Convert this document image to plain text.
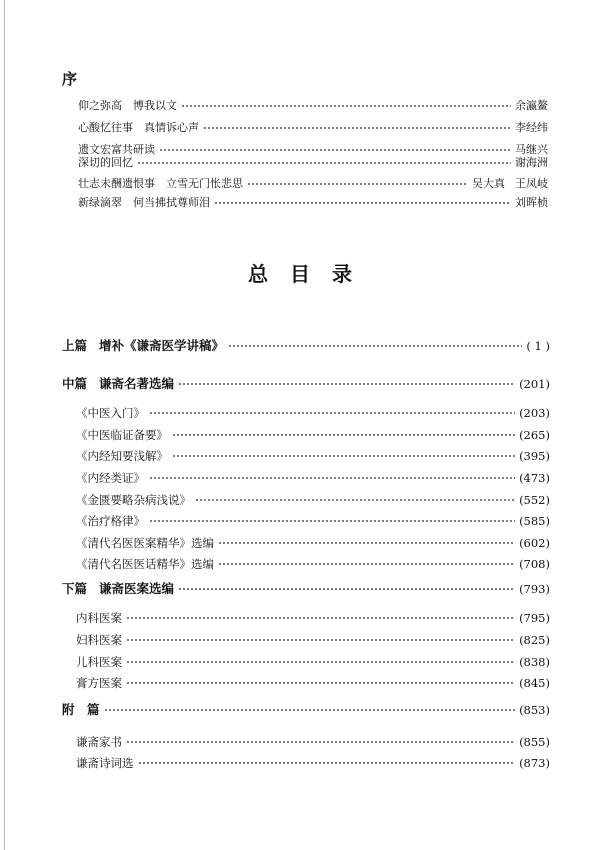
序
仰之弥高　博我以文	余瀛鳌
心酸忆往事　真情诉心声	李经纬
遗文宏富共研读	马继兴
深切的回忆	谢海洲
壮志未酬遗恨事　立雪无门怅悲思	吴大真 王凤岐
新绿滴翠　何当拂拭尊师泪	刘晖桢
总目录
上篇 增补《谦斋医学讲稿》	( 1 )
中篇 谦斋名著选编	(201)
《中医入门》	(203)
《中医临证备要》	(265)
《内经知要浅解》	(395)
《内经类证》	(473)
《金匮要略杂病浅说》	(552)
《治疗格律》	(585)
《清代名医医案精华》选编	(602)
《清代名医医话精华》选编	(708)
下篇 谦斋医案选编	(793)
内科医案	(795)
妇科医案	(825)
儿科医案	(838)
膏方医案	(845)
附　篇	(853)
谦斋家书	(855)
谦斋诗词选	(873)
